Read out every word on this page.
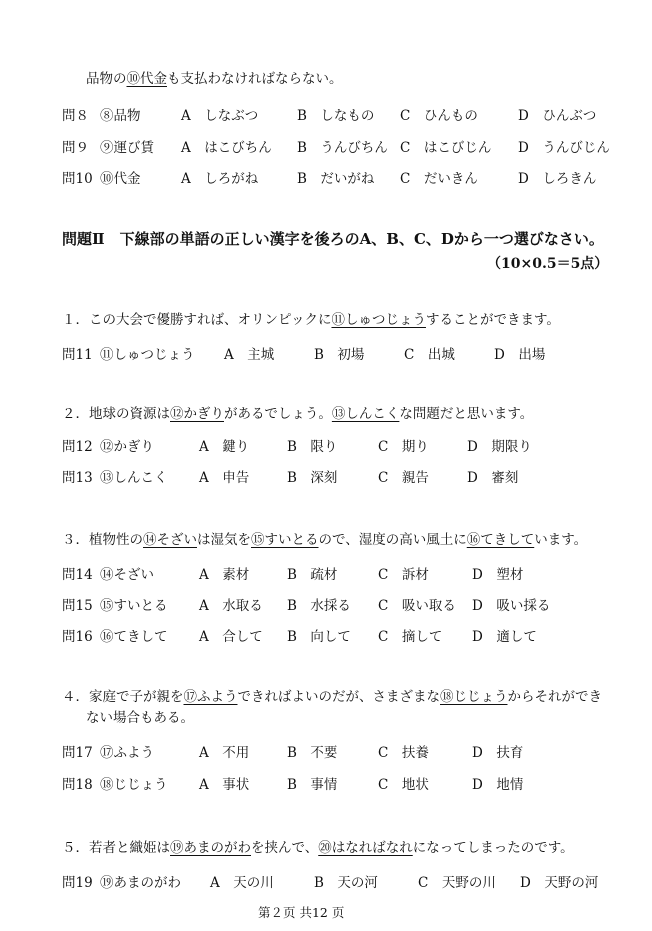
品物の⑩代金も支払わなければならない。
問８ ⑧品物	A　しなぶつ	B　しなもの C　ひんもの	D　ひんぶつ
問９ ⑨運び賃 A　はこびちん B　うんびちん C　はこびじん D　うんびじん
問10 ⑩代金	A　しろがね	B　だいがね C　だいきん	D　しろきん
問題Ⅱ　下線部の単語の正しい漢字を後ろのA、B、C、Dから一つ選びなさい。
（10×0.5＝5点）
１．この大会で優勝すれば、オリンピックに⑪しゅつじょうすることができます。
問11 ⑪しゅつじょう A　主城	B　初場	C　出城	D　出場
２．地球の資源は⑫かぎりがあるでしょう。⑬しんこくな問題だと思います。
問12 ⑫かぎり	A　鍵り	B　限り	C　期り	D　期限り
問13 ⑬しんこく A　申告	B　深刻	C　親告	D　審刻
３．植物性の⑭そざいは湿気を⑮すいとるので、湿度の高い風土に⑯てきしています。
問14 ⑭そざい	A　素材	B　疏材	C　訴材	D　塑材
問15 ⑮すいとる A　水取る B　水採る C　吸い取る D　吸い採る
問16 ⑯てきして A　合して B　向して C　摘して D　適して
４．家庭で子が親を⑰ふようできればよいのだが、さまざまな⑱じじょうからそれができ
ない場合もある。
問17 ⑰ふよう	A　不用	B　不要	C　扶養	D　扶育
問18 ⑱じじょう A　事状	B　事情	C　地状	D　地情
５．若者と織姫は⑲あまのがわを挟んで、⑳はなればなれになってしまったのです。
問19 ⑲あまのがわ A　天の川	B　天の河	C　天野の川 D　天野の河
第２页 共12 页
